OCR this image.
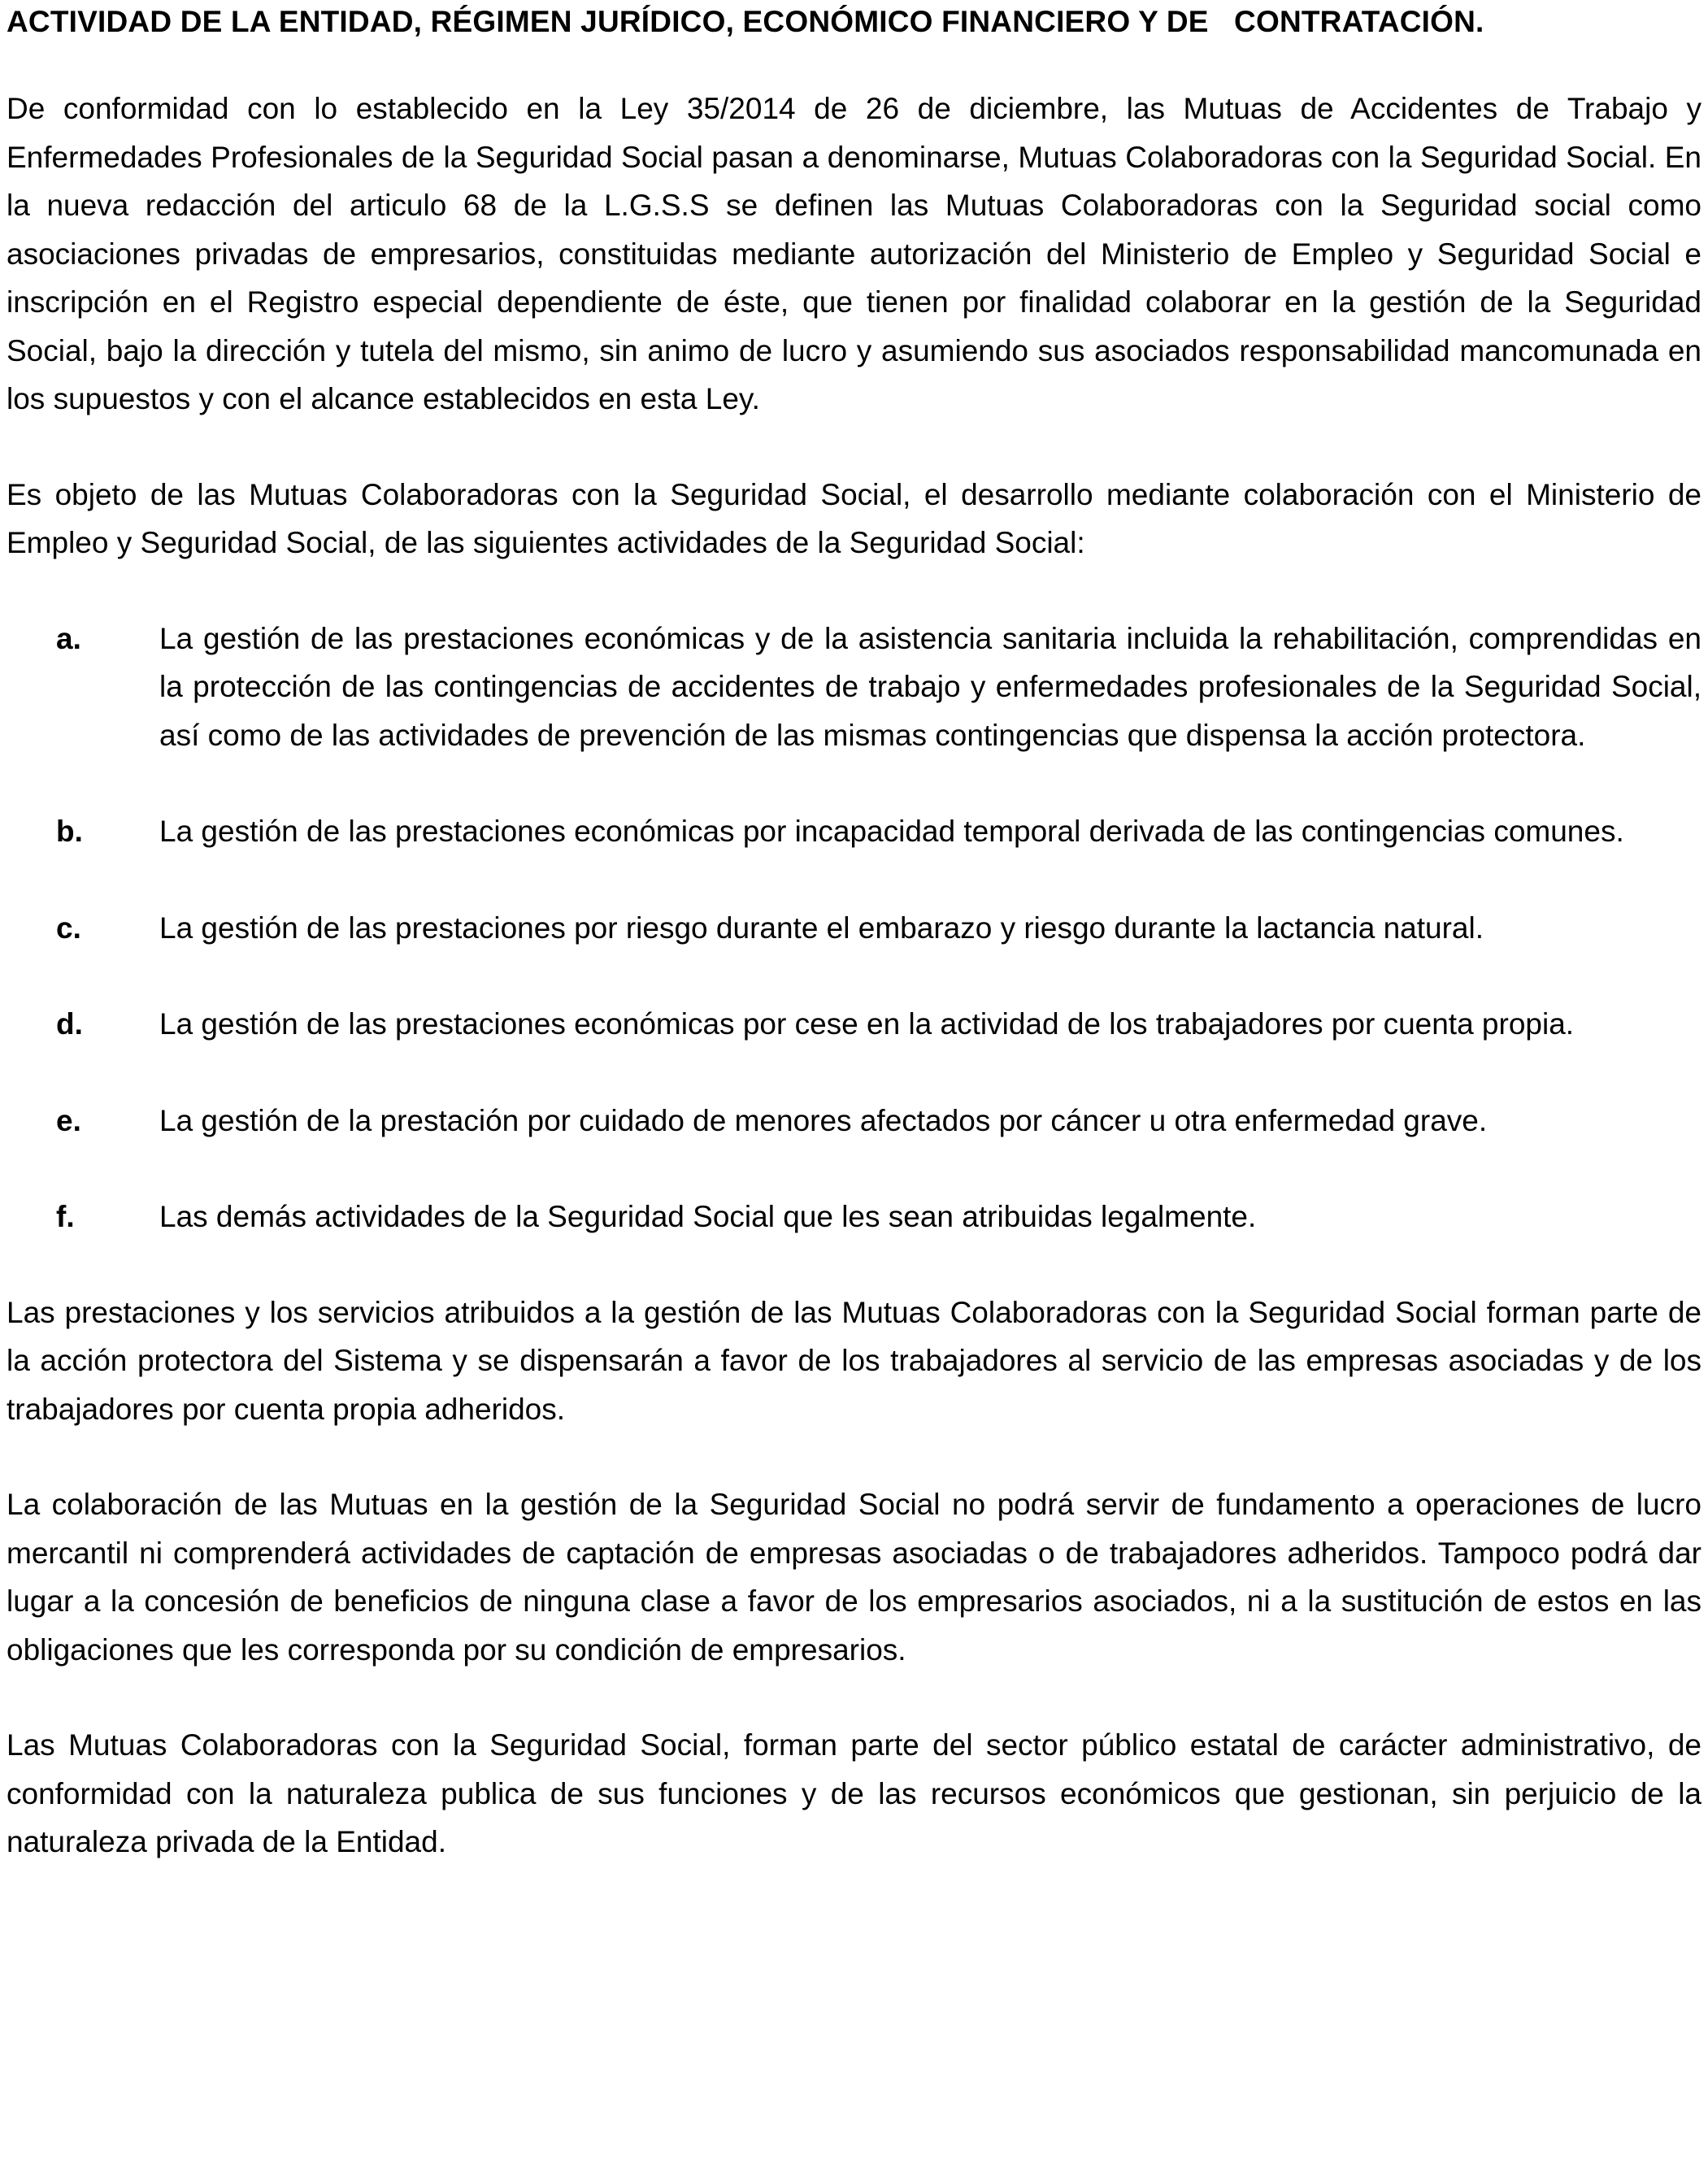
ACTIVIDAD DE LA ENTIDAD, RÉGIMEN JURÍDICO, ECONÓMICO FINANCIERO Y DE   CONTRATACIÓN.

De conformidad con lo establecido en la Ley 35/2014 de 26 de diciembre, las Mutuas de Accidentes de Trabajo y Enfermedades Profesionales de la Seguridad Social pasan a denominarse, Mutuas Colaboradoras con la Seguridad Social. En la nueva redacción del articulo 68 de la L.G.S.S se definen las Mutuas Colaboradoras con la Seguridad social como asociaciones privadas de empresarios, constituidas mediante autorización del Ministerio de Empleo y Seguridad Social e inscripción en el Registro especial dependiente de éste, que tienen por finalidad colaborar en la gestión de la Seguridad Social, bajo la dirección y tutela del mismo, sin animo de lucro y asumiendo sus asociados responsabilidad mancomunada en los supuestos y con el alcance establecidos en esta Ley.

Es objeto de las Mutuas Colaboradoras con la Seguridad Social, el desarrollo mediante colaboración con el Ministerio de Empleo y Seguridad Social, de las siguientes actividades de la Seguridad Social:

a.	La gestión de las prestaciones económicas y de la asistencia sanitaria incluida la rehabilitación, comprendidas en la protección de las contingencias de accidentes de trabajo y enfermedades profesionales de la Seguridad Social, así como de las actividades de prevención de las mismas contingencias que dispensa la acción protectora.

b.	La gestión de las prestaciones económicas por incapacidad temporal derivada de las contingencias comunes.

c.	La gestión de las prestaciones por riesgo durante el embarazo y riesgo durante la lactancia natural.

d.	La gestión de las prestaciones económicas por cese en la actividad de los trabajadores por cuenta propia.

e.	La gestión de la prestación por cuidado de menores afectados por cáncer u otra enfermedad grave.

f.	Las demás actividades de la Seguridad Social que les sean atribuidas legalmente.

Las prestaciones y los servicios atribuidos a la gestión de las Mutuas Colaboradoras con la Seguridad Social forman parte de la acción protectora del Sistema y se dispensarán a favor de los trabajadores al servicio de las empresas asociadas y de los trabajadores por cuenta propia adheridos.

La colaboración de las Mutuas en la gestión de la Seguridad Social no podrá servir de fundamento a operaciones de lucro mercantil ni comprenderá actividades de captación de empresas asociadas o de trabajadores adheridos. Tampoco podrá dar lugar a la concesión de beneficios de ninguna clase a favor de los empresarios asociados, ni a la sustitución de estos en las obligaciones que les corresponda por su condición de empresarios.

Las Mutuas Colaboradoras con la Seguridad Social, forman parte del sector público estatal de carácter administrativo, de conformidad con la naturaleza publica de sus funciones y de las recursos económicos que gestionan, sin perjuicio de la naturaleza privada de la Entidad.
